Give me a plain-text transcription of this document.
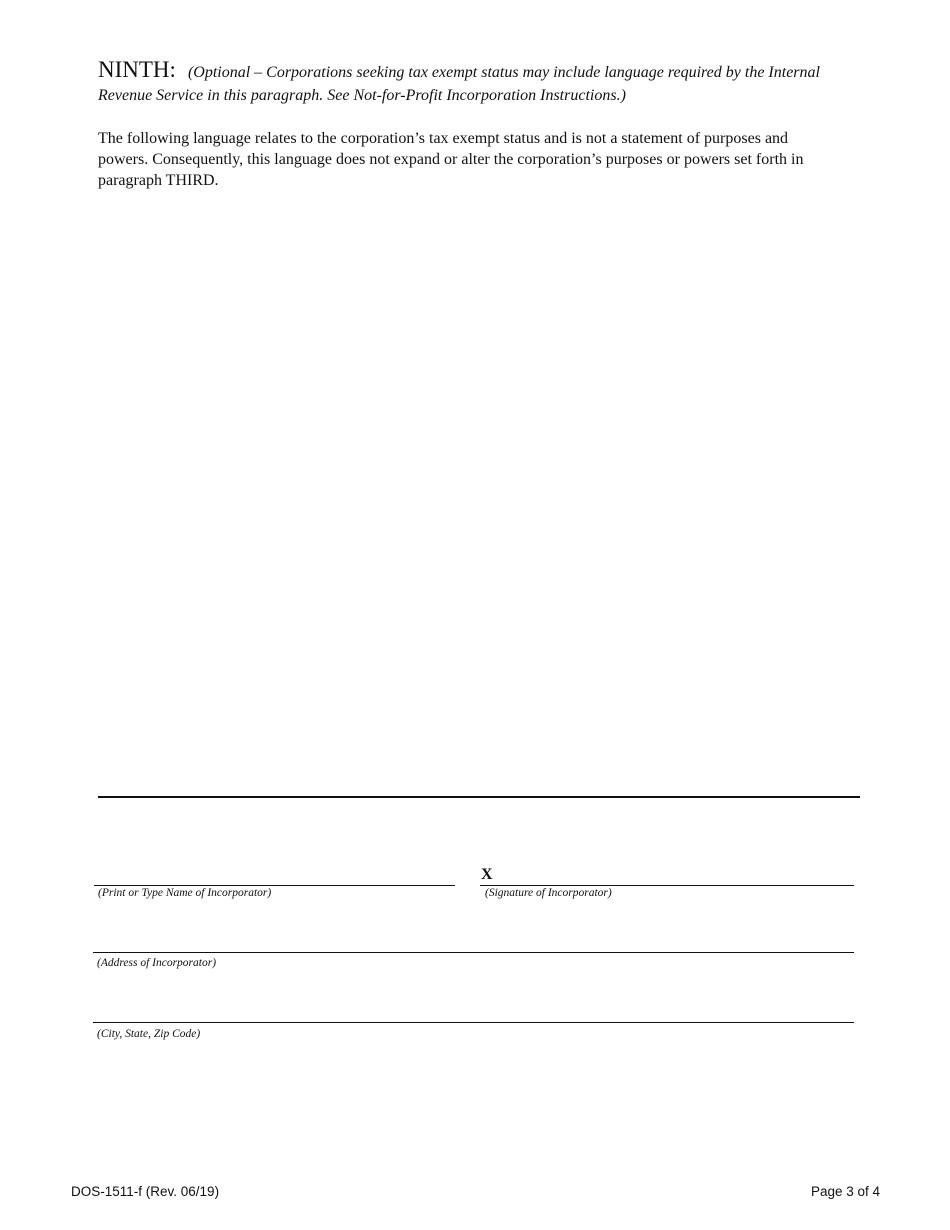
NINTH: (Optional – Corporations seeking tax exempt status may include language required by the Internal Revenue Service in this paragraph. See Not-for-Profit Incorporation Instructions.)
The following language relates to the corporation’s tax exempt status and is not a statement of purposes and powers. Consequently, this language does not expand or alter the corporation’s purposes or powers set forth in paragraph THIRD.
X
(Print or Type Name of Incorporator)	(Signature of Incorporator)
(Address of Incorporator)
(City, State, Zip Code)
DOS-1511-f (Rev. 06/19)	Page 3 of 4
